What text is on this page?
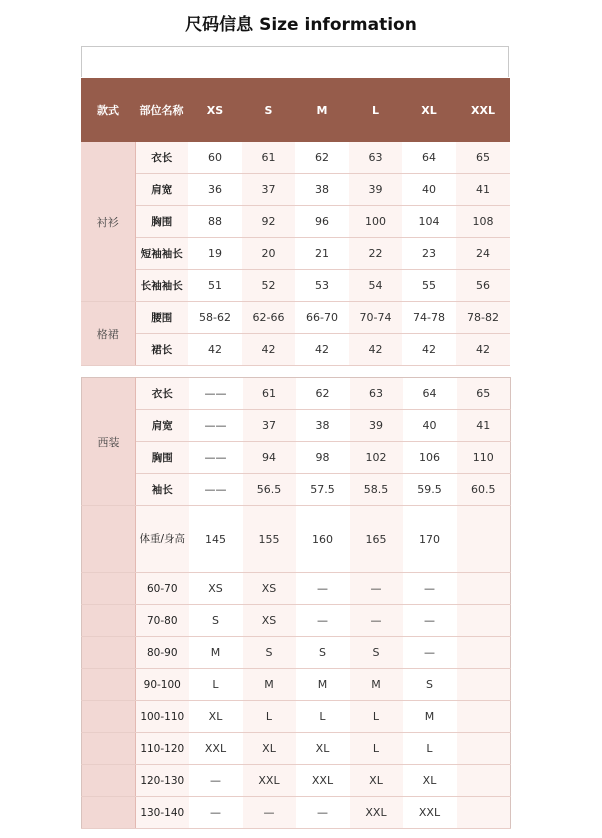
尺码信息 Size information
款式	部位名称	XS	S	M	L	XL	XXL
衬衫	衣长	60	61	62	63	64	65
	肩宽	36	37	38	39	40	41
	胸围	88	92	96	100	104	108
	短袖袖长	19	20	21	22	23	24
	长袖袖长	51	52	53	54	55	56
格裙	腰围	58-62	62-66	66-70	70-74	74-78	78-82
	裙长	42	42	42	42	42	42
西装	衣长	——	61	62	63	64	65
	肩宽	——	37	38	39	40	41
	胸围	——	94	98	102	106	110
	袖长	——	56.5	57.5	58.5	59.5	60.5
	体重/身高	145	155	160	165	170	
	60-70	XS	XS	—	—	—	
	70-80	S	XS	—	—	—	
	80-90	M	S	S	S	—	
	90-100	L	M	M	M	S	
	100-110	XL	L	L	L	M	
	110-120	XXL	XL	XL	L	L	
	120-130	—	XXL	XXL	XL	XL	
	130-140	—	—	—	XXL	XXL	
